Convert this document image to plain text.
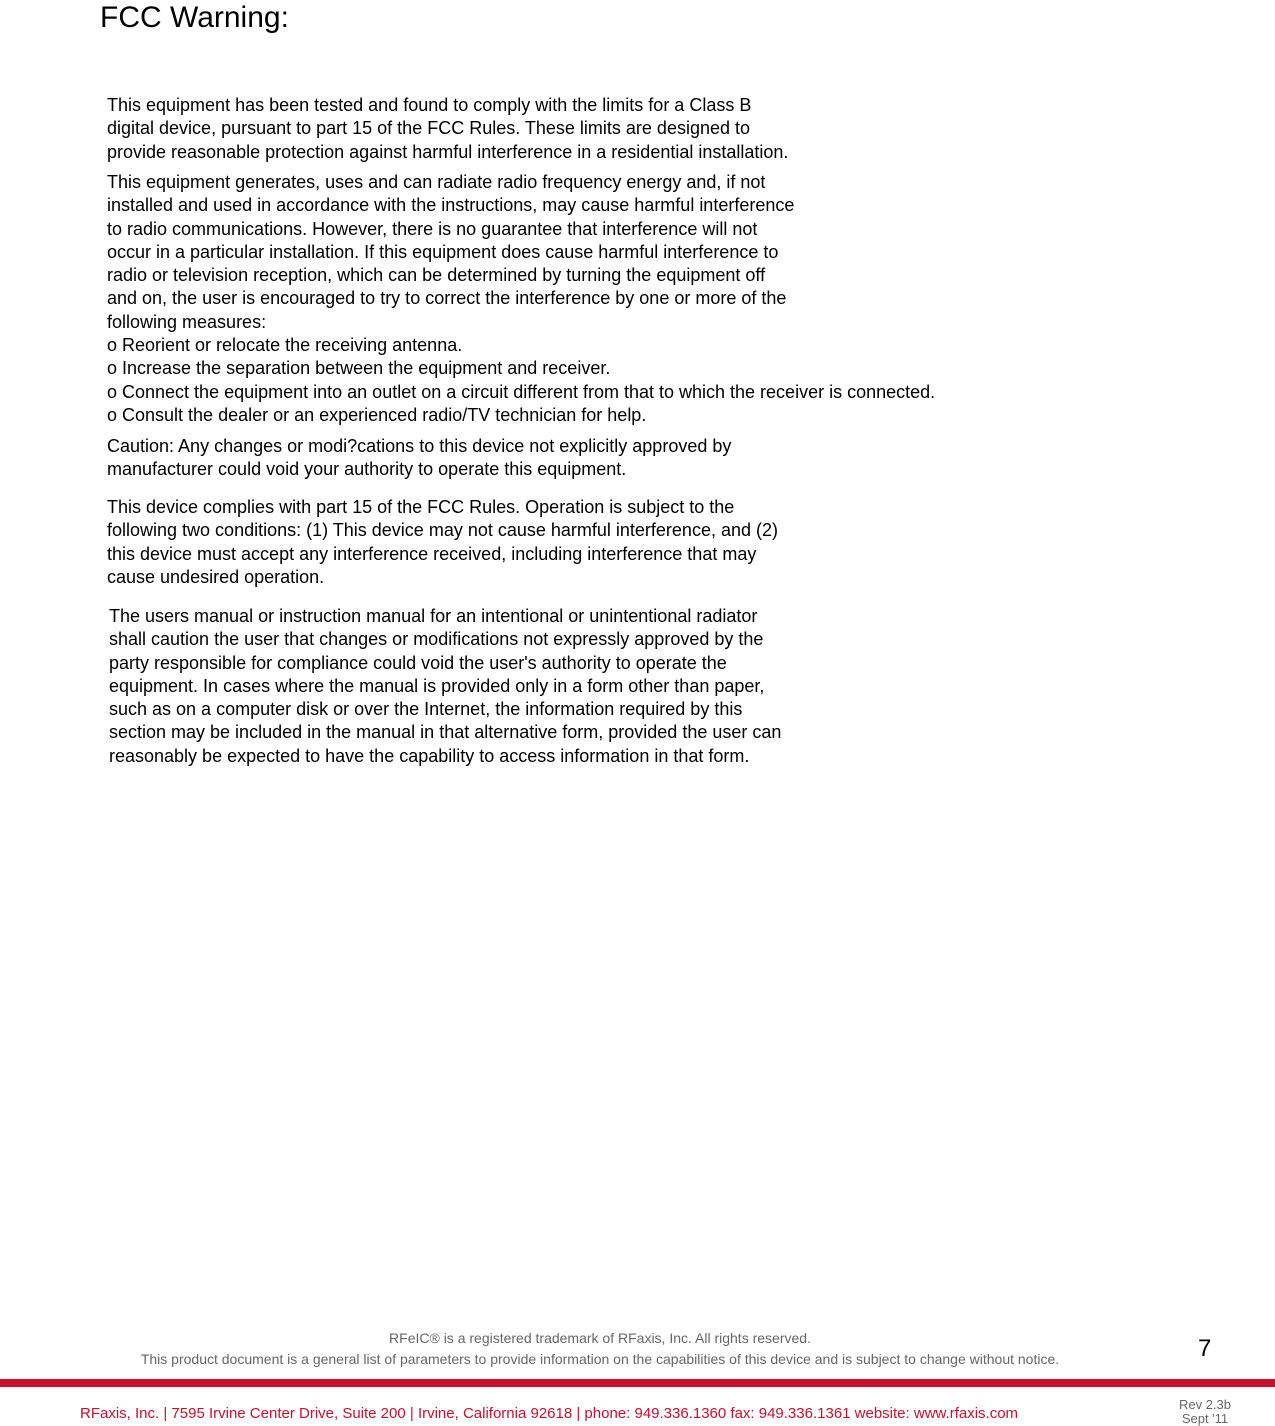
FCC Warning:

This equipment has been tested and found to comply with the limits for a Class B
digital device, pursuant to part 15 of the FCC Rules. These limits are designed to
provide reasonable protection against harmful interference in a residential installation.

This equipment generates, uses and can radiate radio frequency energy and, if not
installed and used in accordance with the instructions, may cause harmful interference
to radio communications. However, there is no guarantee that interference will not
occur in a particular installation. If this equipment does cause harmful interference to
radio or television reception, which can be determined by turning the equipment off
and on, the user is encouraged to try to correct the interference by one or more of the
following measures:
o Reorient or relocate the receiving antenna.
o Increase the separation between the equipment and receiver.
o Connect the equipment into an outlet on a circuit different from that to which the receiver is connected.
o Consult the dealer or an experienced radio/TV technician for help.

Caution: Any changes or modi?cations to this device not explicitly approved by
manufacturer could void your authority to operate this equipment.

This device complies with part 15 of the FCC Rules. Operation is subject to the
following two conditions: (1) This device may not cause harmful interference, and (2)
this device must accept any interference received, including interference that may
cause undesired operation.

The users manual or instruction manual for an intentional or unintentional radiator
shall caution the user that changes or modifications not expressly approved by the
party responsible for compliance could void the user's authority to operate the
equipment. In cases where the manual is provided only in a form other than paper,
such as on a computer disk or over the Internet, the information required by this
section may be included in the manual in that alternative form, provided the user can
reasonably be expected to have the capability to access information in that form.

RFeIC® is a registered trademark of RFaxis, Inc. All rights reserved.

This product document is a general list of parameters to provide information on the capabilities of this device and is subject to change without notice.	7

RFaxis, Inc. | 7595 Irvine Center Drive, Suite 200 | Irvine, California 92618 | phone: 949.336.1360 fax: 949.336.1361 website: www.rfaxis.com

Rev 2.3b
Sept '11
